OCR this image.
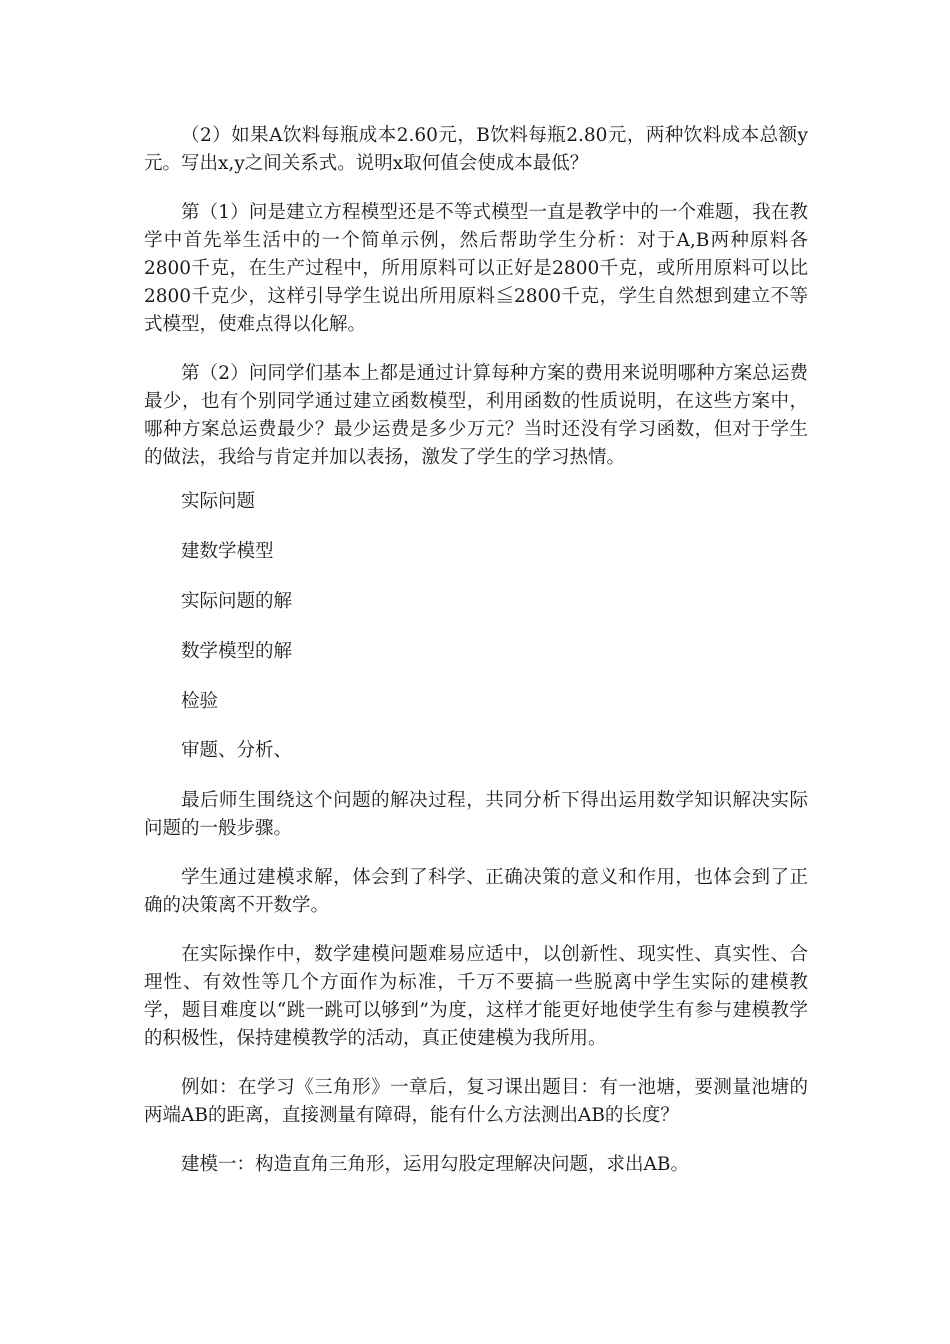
（2）如果A饮料每瓶成本2.60元，B饮料每瓶2.80元，两种饮料成本总额y元。写出x,y之间关系式。说明x取何值会使成本最低？

第（1）问是建立方程模型还是不等式模型一直是教学中的一个难题，我在教学中首先举生活中的一个简单示例，然后帮助学生分析：对于A,B两种原料各2800千克，在生产过程中，所用原料可以正好是2800千克，或所用原料可以比2800千克少，这样引导学生说出所用原料≦2800千克，学生自然想到建立不等式模型，使难点得以化解。

第（2）问同学们基本上都是通过计算每种方案的费用来说明哪种方案总运费最少，也有个别同学通过建立函数模型，利用函数的性质说明，在这些方案中，哪种方案总运费最少？最少运费是多少万元？当时还没有学习函数，但对于学生的做法，我给与肯定并加以表扬，激发了学生的学习热情。

实际问题
建数学模型
实际问题的解
数学模型的解
检验
审题、分析、

最后师生围绕这个问题的解决过程，共同分析下得出运用数学知识解决实际问题的一般步骤。

学生通过建模求解，体会到了科学、正确决策的意义和作用，也体会到了正确的决策离不开数学。

在实际操作中，数学建模问题难易应适中，以创新性、现实性、真实性、合理性、有效性等几个方面作为标准，千万不要搞一些脱离中学生实际的建模教学，题目难度以“跳一跳可以够到”为度，这样才能更好地使学生有参与建模教学的积极性，保持建模教学的活动，真正使建模为我所用。

例如：在学习《三角形》一章后，复习课出题目：有一池塘，要测量池塘的两端AB的距离，直接测量有障碍，能有什么方法测出AB的长度？

建模一：构造直角三角形，运用勾股定理解决问题，求出AB。
